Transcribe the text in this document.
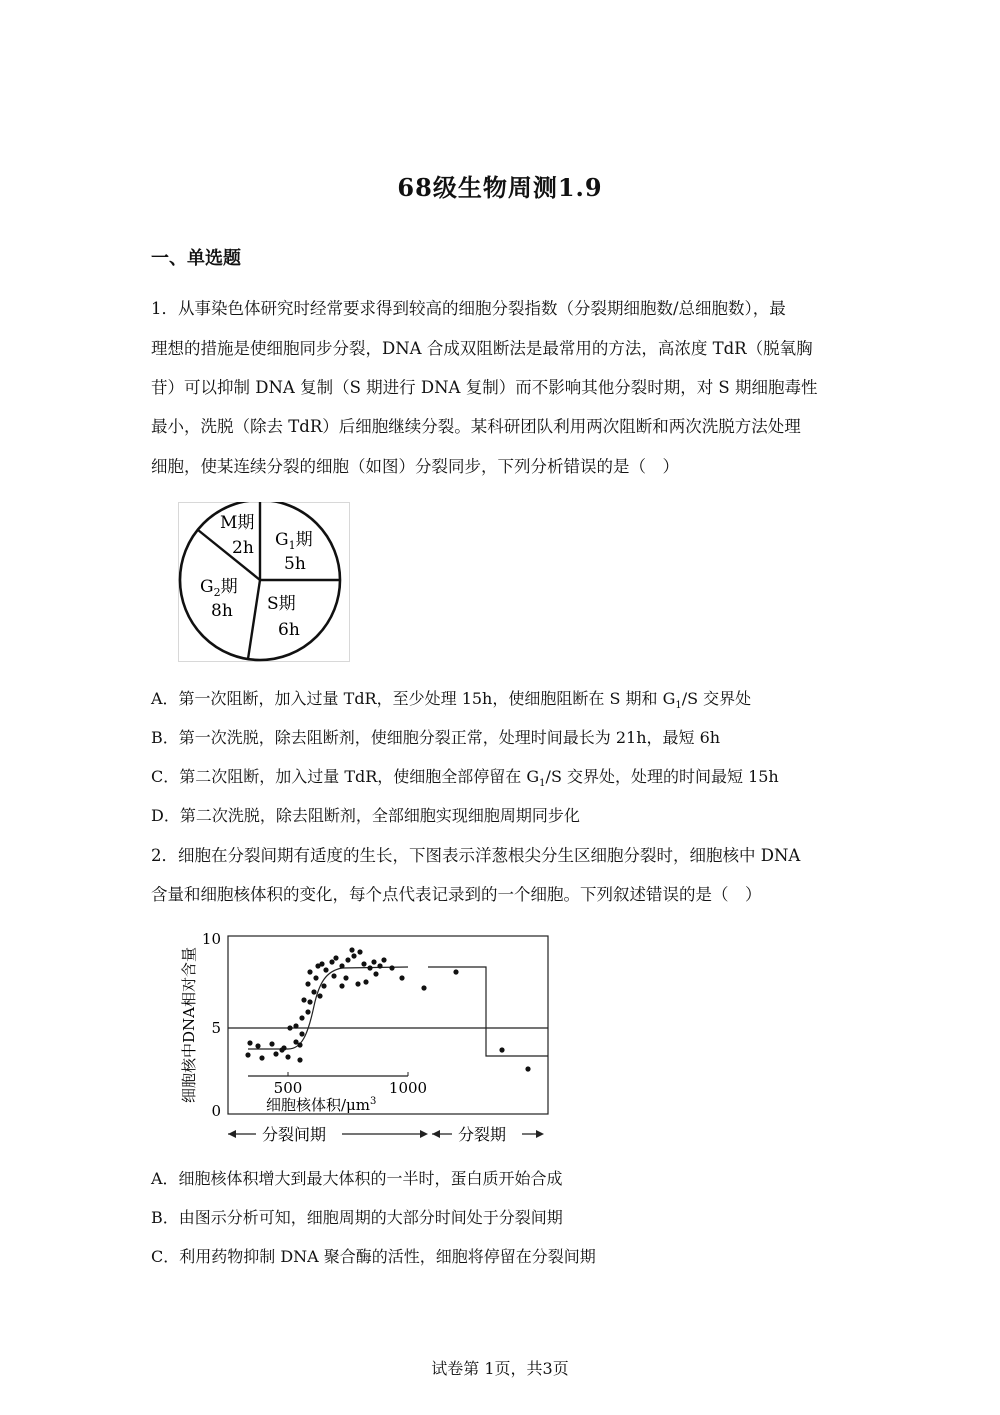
68级生物周测1.9
一、单选题
1．从事染色体研究时经常要求得到较高的细胞分裂指数（分裂期细胞数/总细胞数），最
理想的措施是使细胞同步分裂，DNA 合成双阻断法是最常用的方法，高浓度 TdR（脱氧胸
苷）可以抑制 DNA 复制（S 期进行 DNA 复制）而不影响其他分裂时期，对 S 期细胞毒性
最小，洗脱（除去 TdR）后细胞继续分裂。某科研团队利用两次阻断和两次洗脱方法处理
细胞，使某连续分裂的细胞（如图）分裂同步，下列分析错误的是（　）
M期
2h $G_1$期
5h
S期
6h
$G_2$期
8h
A．第一次阻断，加入过量 TdR，至少处理 15h，使细胞阻断在 S 期和 $G_1/S$ 交界处
B．第一次洗脱，除去阻断剂，使细胞分裂正常，处理时间最长为 21h，最短 6h
C．第二次阻断，加入过量 TdR，使细胞全部停留在 $G_1/S$ 交界处，处理的时间最短 15h
D．第二次洗脱，除去阻断剂，全部细胞实现细胞周期同步化
2．细胞在分裂间期有适度的生长，下图表示洋葱根尖分生区细胞分裂时，细胞核中 DNA
含量和细胞核体积的变化，每个点代表记录到的一个细胞。下列叙述错误的是（　）
10
5
0
细胞核中DNA相对含量	500	1000
细胞核体积$/\mu m^3$
分裂间期	分裂期
A．细胞核体积增大到最大体积的一半时，蛋白质开始合成
B．由图示分析可知，细胞周期的大部分时间处于分裂间期
C．利用药物抑制 DNA 聚合酶的活性，细胞将停留在分裂间期
试卷第 1页，共3页
